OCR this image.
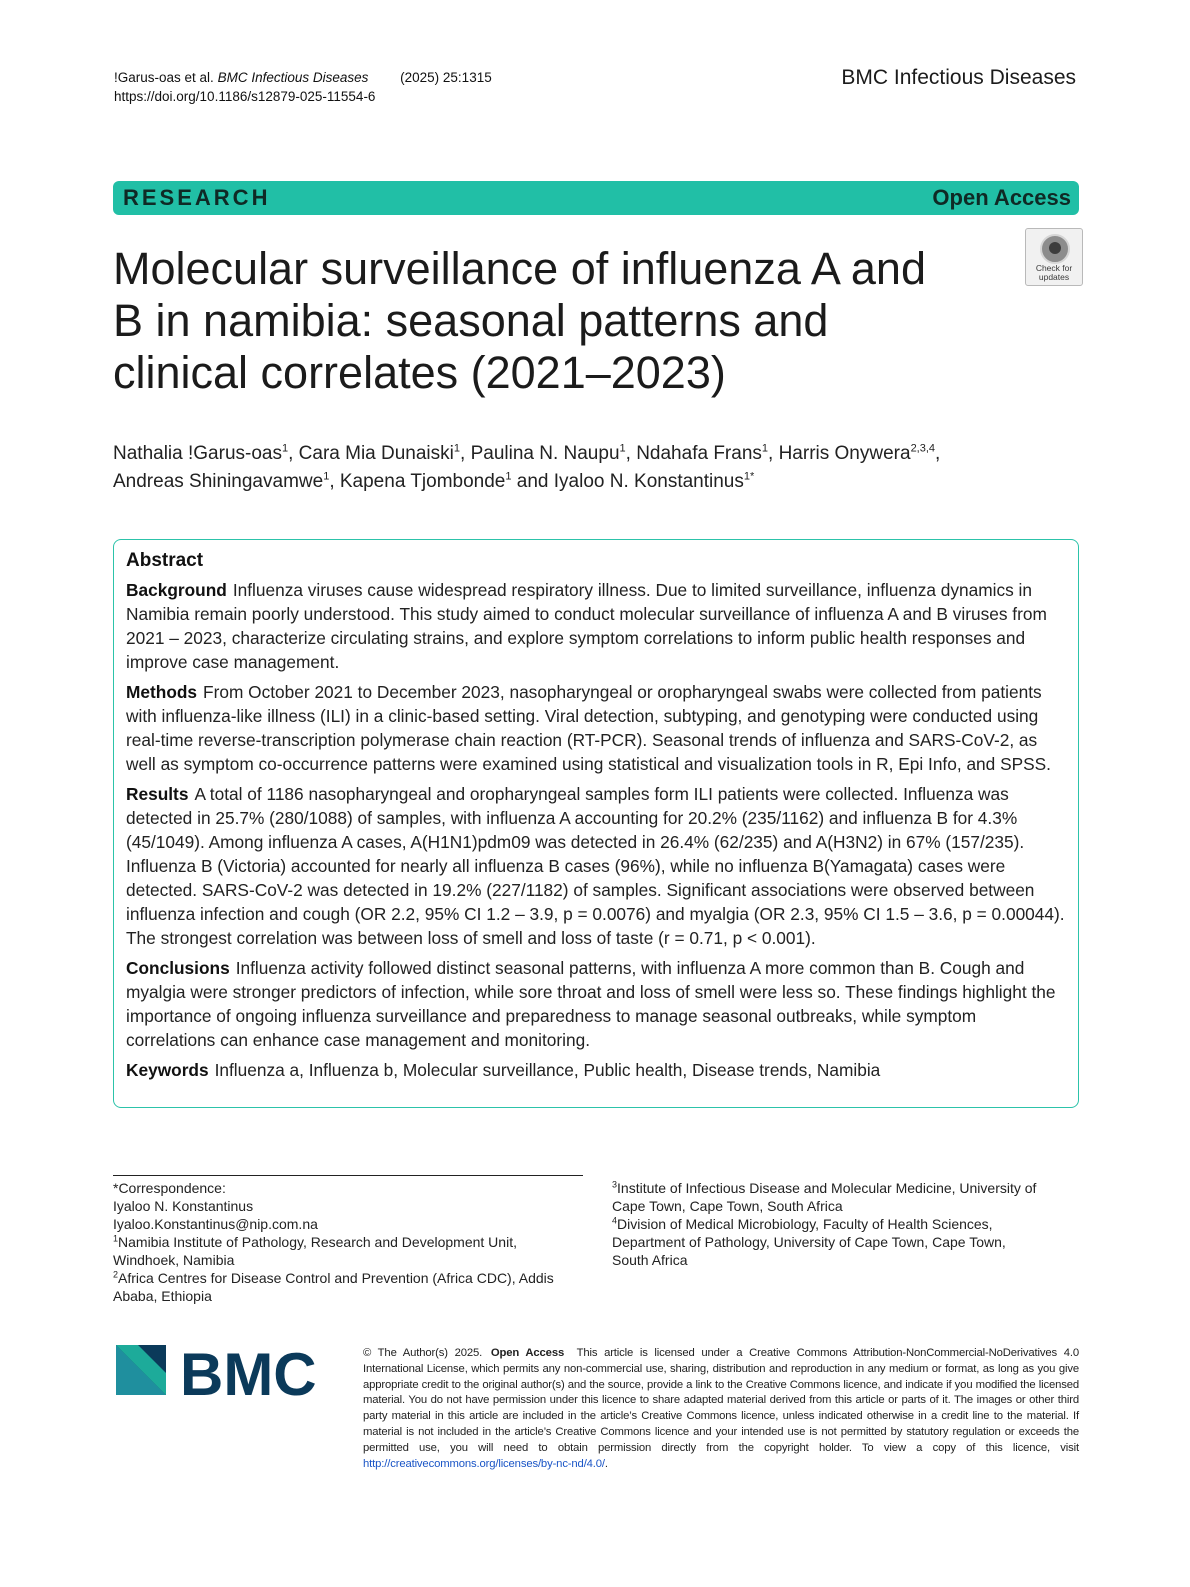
!Garus-oas et al. BMC Infectious Diseases (2025) 25:1315
https://doi.org/10.1186/s12879-025-11554-6
BMC Infectious Diseases
RESEARCH	Open Access
Check for
updates
Molecular surveillance of influenza A and B in namibia: seasonal patterns and clinical correlates (2021–2023)
Nathalia !Garus-oas$^1$, Cara Mia Dunaiski$^1$, Paulina N. Naupu$^1$, Ndahafa Frans$^1$, Harris Onywera$^{2,3,4}$,
Andreas Shiningavamwe$^1$, Kapena Tjombonde$^1$ and Iyaloo N. Konstantinus$^{1*}$
Abstract

Background Influenza viruses cause widespread respiratory illness. Due to limited surveillance, influenza dynamics in Namibia remain poorly understood. This study aimed to conduct molecular surveillance of influenza A and B viruses from 2021 – 2023, characterize circulating strains, and explore symptom correlations to inform public health responses and improve case management.

Methods From October 2021 to December 2023, nasopharyngeal or oropharyngeal swabs were collected from patients with influenza-like illness (ILI) in a clinic-based setting. Viral detection, subtyping, and genotyping were conducted using real-time reverse-transcription polymerase chain reaction (RT-PCR). Seasonal trends of influenza and SARS-CoV-2, as well as symptom co-occurrence patterns were examined using statistical and visualization tools in R, Epi Info, and SPSS.

Results A total of 1186 nasopharyngeal and oropharyngeal samples form ILI patients were collected. Influenza was detected in 25.7% (280/1088) of samples, with influenza A accounting for 20.2% (235/1162) and influenza B for 4.3% (45/1049). Among influenza A cases, A(H1N1)pdm09 was detected in 26.4% (62/235) and A(H3N2) in 67% (157/235). Influenza B (Victoria) accounted for nearly all influenza B cases (96%), while no influenza B(Yamagata) cases were detected. SARS-CoV-2 was detected in 19.2% (227/1182) of samples. Significant associations were observed between influenza infection and cough (OR 2.2, 95% CI 1.2 – 3.9, p = 0.0076) and myalgia (OR 2.3, 95% CI 1.5 – 3.6, p = 0.00044). The strongest correlation was between loss of smell and loss of taste (r = 0.71, p < 0.001).

Conclusions Influenza activity followed distinct seasonal patterns, with influenza A more common than B. Cough and myalgia were stronger predictors of infection, while sore throat and loss of smell were less so. These findings highlight the importance of ongoing influenza surveillance and preparedness to manage seasonal outbreaks, while symptom correlations can enhance case management and monitoring.

Keywords Influenza a, Influenza b, Molecular surveillance, Public health, Disease trends, Namibia

*Correspondence:

Iyaloo N. Konstantinus

Iyaloo.Konstantinus@nip.com.na

$^1$Namibia Institute of Pathology, Research and Development Unit, Windhoek, Namibia

$^2$Africa Centres for Disease Control and Prevention (Africa CDC), Addis Ababa, Ethiopia

$^3$Institute of Infectious Disease and Molecular Medicine, University of Cape Town, Cape Town, South Africa

$^4$Division of Medical Microbiology, Faculty of Health Sciences, Department of Pathology, University of Cape Town, Cape Town, South Africa

BMC	© The Author(s) 2025. Open Access This article is licensed under a Creative Commons Attribution-NonCommercial-NoDerivatives 4.0 International License, which permits any non-commercial use, sharing, distribution and reproduction in any medium or format, as long as you give appropriate credit to the original author(s) and the source, provide a link to the Creative Commons licence, and indicate if you modified the licensed material. You do not have permission under this licence to share adapted material derived from this article or parts of it. The images or other third party material in this article are included in the article’s Creative Commons licence, unless indicated otherwise in a credit line to the material. If material is not included in the article’s Creative Commons licence and your intended use is not permitted by statutory regulation or exceeds the permitted use, you will need to obtain permission directly from the copyright holder. To view a copy of this licence, visit http://creativecommons.org/licenses/by-nc-nd/4.0/.
